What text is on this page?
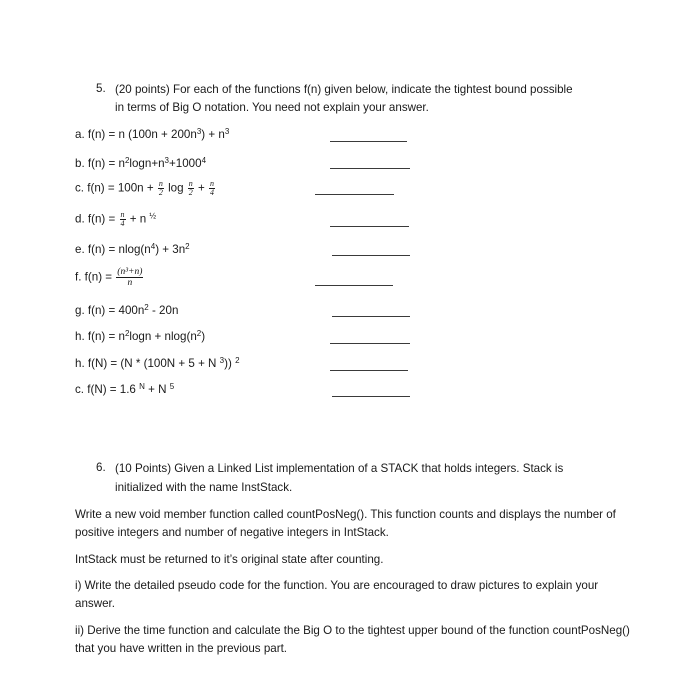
5. (20 points) For each of the functions f(n) given below, indicate the tightest bound possible
in terms of Big O notation. You need not explain your answer.
a. f(n) = n $(100n + 200n^3) + n^3$
b. $f(n) = n^2\log n+n^3+1000^4$
c. $f(n) = 100n + \frac{n}{2}$ $\log \frac{n}{2} + \frac{n}{4}$
d. $f(n) = \frac{n}{4} + n$ $^{\frac{1}{2}}$
e. $f(n) = nlog(n^4) + 3n^2$
f. $f(n) = \frac{\text{(n³+n)}}{n}$
g. $f(n) = 400n^2 - 20n$
h. $f(n) = n^2\log n + nlog(n^2)$
h. f(N) = (N * (100N + 5 + N $^3$)) $^2$
c. f(N) = 1.6 $^N$ + N $^5$
6. (10 Points) Given a Linked List implementation of a STACK that holds integers. Stack is
initialized with the name InstStack.
Write a new void member function called countPosNeg(). This function counts and displays the number of positive integers and number of negative integers in IntStack.
IntStack must be returned to it’s original state after counting.
i) Write the detailed pseudo code for the function. You are encouraged to draw pictures to explain your answer.
ii) Derive the time function and calculate the Big O to the tightest upper bound of the function countPosNeg() that you have written in the previous part.
